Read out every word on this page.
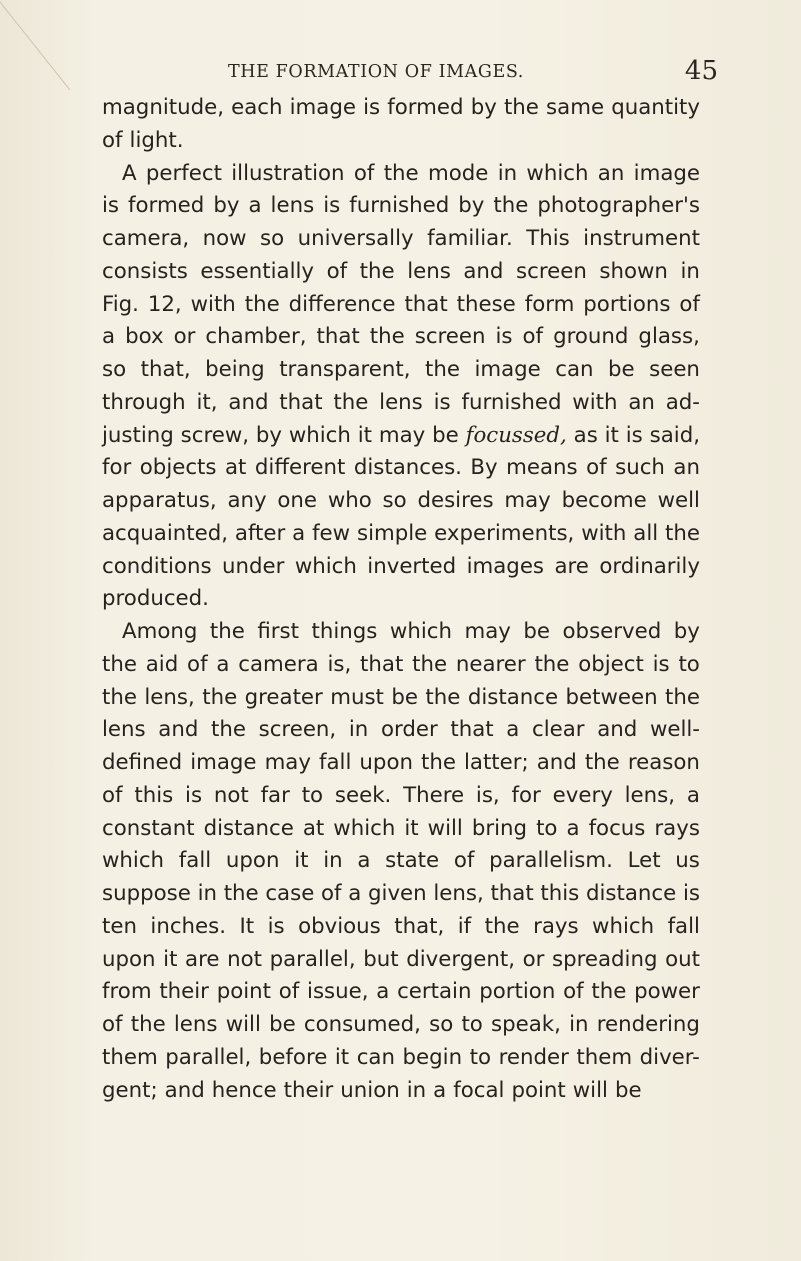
THE FORMATION OF IMAGES.	45
magnitude, each image is formed by the same quantity
of light.
A perfect illustration of the mode in which an image
is formed by a lens is furnished by the photographer's
camera, now so universally familiar. This instrument
consists essentially of the lens and screen shown in
Fig. 12, with the difference that these form portions of
a box or chamber, that the screen is of ground glass,
so that, being transparent, the image can be seen
through it, and that the lens is furnished with an ad-
justing screw, by which it may be focussed, as it is said,
for objects at different distances. By means of such an
apparatus, any one who so desires may become well
acquainted, after a few simple experiments, with all the
conditions under which inverted images are ordinarily
produced.
Among the first things which may be observed by
the aid of a camera is, that the nearer the object is to
the lens, the greater must be the distance between the
lens and the screen, in order that a clear and well-
defined image may fall upon the latter; and the reason
of this is not far to seek. There is, for every lens, a
constant distance at which it will bring to a focus rays
which fall upon it in a state of parallelism. Let us
suppose in the case of a given lens, that this distance is
ten inches. It is obvious that, if the rays which fall
upon it are not parallel, but divergent, or spreading out
from their point of issue, a certain portion of the power
of the lens will be consumed, so to speak, in rendering
them parallel, before it can begin to render them diver-
gent; and hence their union in a focal point will be
